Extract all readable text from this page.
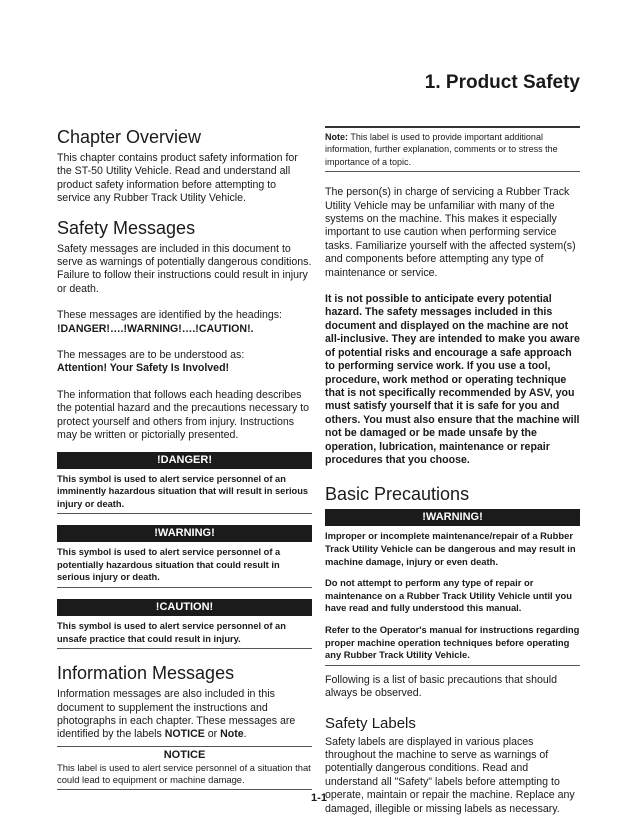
1. Product Safety
Chapter Overview

This chapter contains product safety information for the ST-50 Utility Vehicle. Read and understand all product safety information before attempting to service any Rubber Track Utility Vehicle.

Safety Messages

Safety messages are included in this document to serve as warnings of potentially dangerous conditions. Failure to follow their instructions could result in injury or death.

These messages are identified by the headings:

!DANGER!….!WARNING!….!CAUTION!.

The messages are to be understood as:

Attention! Your Safety Is Involved!

The information that follows each heading describes the potential hazard and the precautions necessary to protect yourself and others from injury. Instructions may be written or pictorially presented.

!DANGER!
This symbol is used to alert service personnel of an imminently hazardous situation that will result in serious injury or death.
!WARNING!
This symbol is used to alert service personnel of a potentially hazardous situation that could result in serious injury or death.
!CAUTION!
This symbol is used to alert service personnel of an unsafe practice that could result in injury.
Information Messages

Information messages are also included in this document to supplement the instructions and photographs in each chapter. These messages are identified by the labels NOTICE or Note.

NOTICE

This label is used to alert service personnel of a situation that could lead to equipment or machine damage.

Note: This label is used to provide important additional information, further explanation, comments or to stress the importance of a topic.

The person(s) in charge of servicing a Rubber Track Utility Vehicle may be unfamiliar with many of the systems on the machine. This makes it especially important to use caution when performing service tasks. Familiarize yourself with the affected system(s) and components before attempting any type of maintenance or service.

It is not possible to anticipate every potential hazard. The safety messages included in this document and displayed on the machine are not all-inclusive. They are intended to make you aware of potential risks and encourage a safe approach to performing service work. If you use a tool, procedure, work method or operating technique that is not specifically recommended by ASV, you must satisfy yourself that it is safe for you and others. You must also ensure that the machine will not be damaged or be made unsafe by the operation, lubrication, maintenance or repair procedures that you choose.

Basic Precautions
!WARNING!

Improper or incomplete maintenance/repair of a Rubber Track Utility Vehicle can be dangerous and may result in machine damage, injury or even death.

Do not attempt to perform any type of repair or maintenance on a Rubber Track Utility Vehicle until you have read and fully understood this manual.

Refer to the Operator's manual for instructions regarding proper machine operation techniques before operating any Rubber Track Utility Vehicle.

Following is a list of basic precautions that should always be observed.

Safety Labels

Safety labels are displayed in various places throughout the machine to serve as warnings of potentially dangerous conditions. Read and understand all "Safety" labels before attempting to operate, maintain or repair the machine. Replace any damaged, illegible or missing labels as necessary.

1-1
